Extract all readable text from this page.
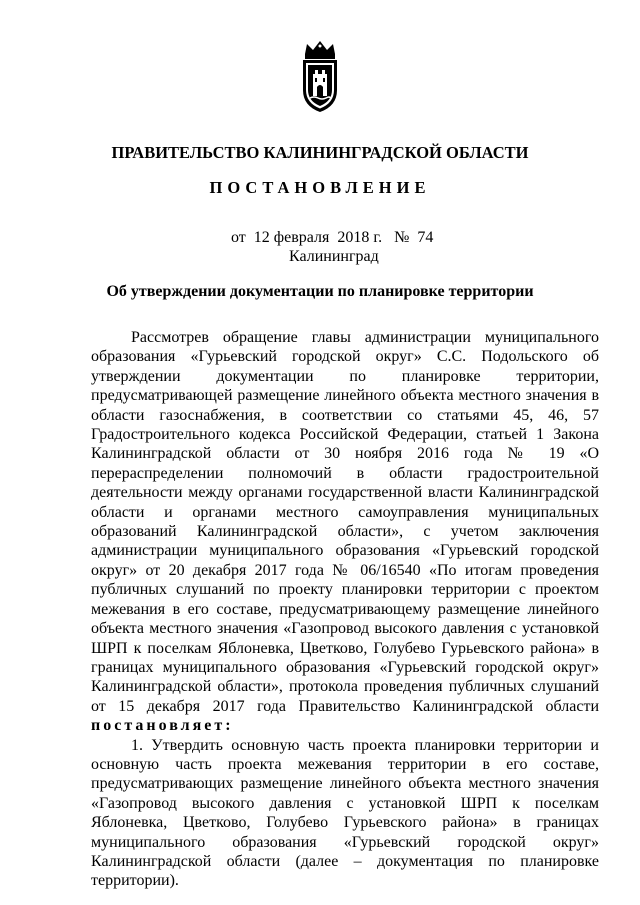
ПРАВИТЕЛЬСТВО КАЛИНИНГРАДСКОЙ ОБЛАСТИ
ПОСТАНОВЛЕНИЕ
от  12 февраля  2018 г.   №  74
Калининград
Об утверждении документации по планировке территории

Рассмотрев обращение главы администрации муниципального образования «Гурьевский городской округ» С.С. Подольского об утверждении документации по планировке территории, предусматривающей размещение линейного объекта местного значения в области газоснабжения, в соответствии со статьями 45, 46, 57 Градостроительного кодекса Российской Федерации, статьей 1 Закона Калининградской области от 30 ноября 2016 года № 19 «О перераспределении полномочий в области градостроительной деятельности между органами государственной власти Калининградской области и органами местного самоуправления муниципальных образований Калининградской области», с учетом заключения администрации муниципального образования «Гурьевский городской округ» от 20 декабря 2017 года № 06/16540 «По итогам проведения публичных слушаний по проекту планировки территории с проектом межевания в его составе, предусматривающему размещение линейного объекта местного значения «Газопровод высокого давления с установкой ШРП к поселкам Яблоневка, Цветково, Голубево Гурьевского района» в границах муниципального образования «Гурьевский городской округ» Калининградской области», протокола проведения публичных слушаний от 15 декабря 2017 года Правительство Калининградской области постановляет:

1. Утвердить основную часть проекта планировки территории и основную часть проекта межевания территории в его составе, предусматривающих размещение линейного объекта местного значения «Газопровод высокого давления с установкой ШРП к поселкам Яблоневка, Цветково, Голубево Гурьевского района» в границах муниципального образования «Гурьевский городской округ» Калининградской области (далее – документация по планировке территории).
